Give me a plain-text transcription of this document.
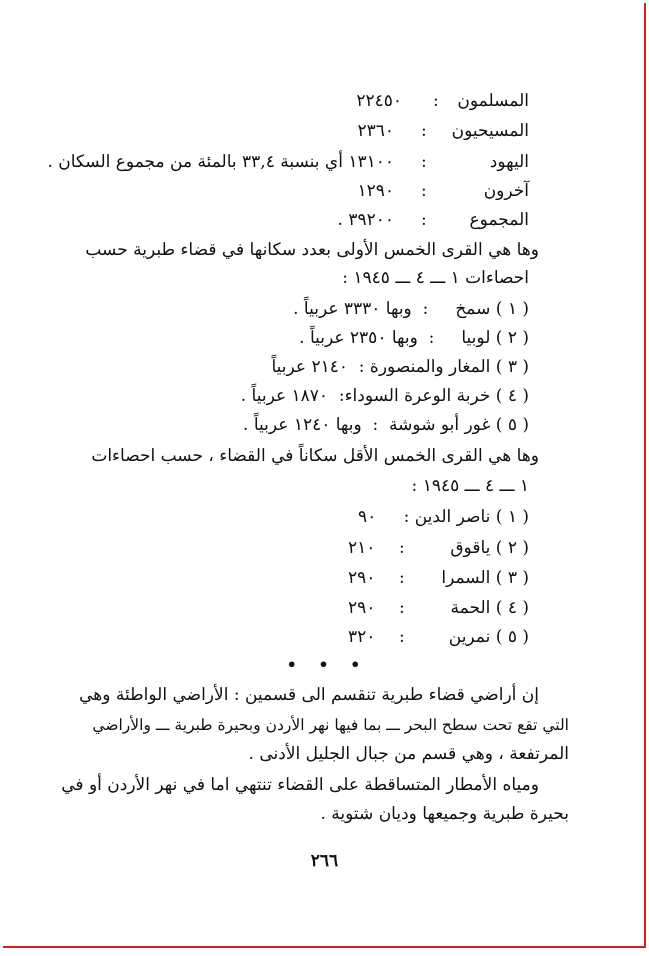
المسلمون
:
٢٢٤٥٠
المسيحيون
:
٢٣٦٠
اليهود
:
١٣١٠٠ أي بنسبة ٣٣,٤ بالمئة من مجموع السكان .
آخرون
:
١٢٩٠
المجموع
:
٣٩٢٠٠ .
وها هي القرى الخمس الأولى بعدد سكانها في قضاء طبرية حسب
احصاءات ١ ـــ ٤ ـــ ١٩٤٥ :
( ١ ) سمخ     :  وبها ٣٣٣٠ عربياً .
( ٢ ) لوبيا     :  وبها ٢٣٥٠ عربياً .
( ٣ ) المغار والمنصورة :  ٢١٤٠ عربياً
( ٤ ) خربة الوعرة السوداء:  ١٨٧٠ عربياً .
( ٥ ) غور أبو شوشة  :  وبها ١٢٤٠ عربياً .
وها هي القرى الخمس الأقل سكاناً في القضاء ، حسب احصاءات
١ ـــ ٤ ـــ ١٩٤٥ :
( ١ ) ناصر الدين :
٩٠
( ٢ ) ياقوق
:
٢١٠
( ٣ ) السمرا
:
٢٩٠
( ٤ ) الحمة
:
٢٩٠
( ٥ ) نمرين
:
٣٢٠
• • •
إن أراضي قضاء طبرية تنقسم الى قسمين : الأراضي الواطئة وهي
التي تقع تحت سطح البحر ـــ بما فيها نهر الأردن وبحيرة طبرية ـــ والأراضي
المرتفعة ، وهي قسم من جبال الجليل الأدنى .
ومياه الأمطار المتساقطة على القضاء تنتهي اما في نهر الأردن أو في
بحيرة طبرية وجميعها وديان شتوية .
٢٦٦
